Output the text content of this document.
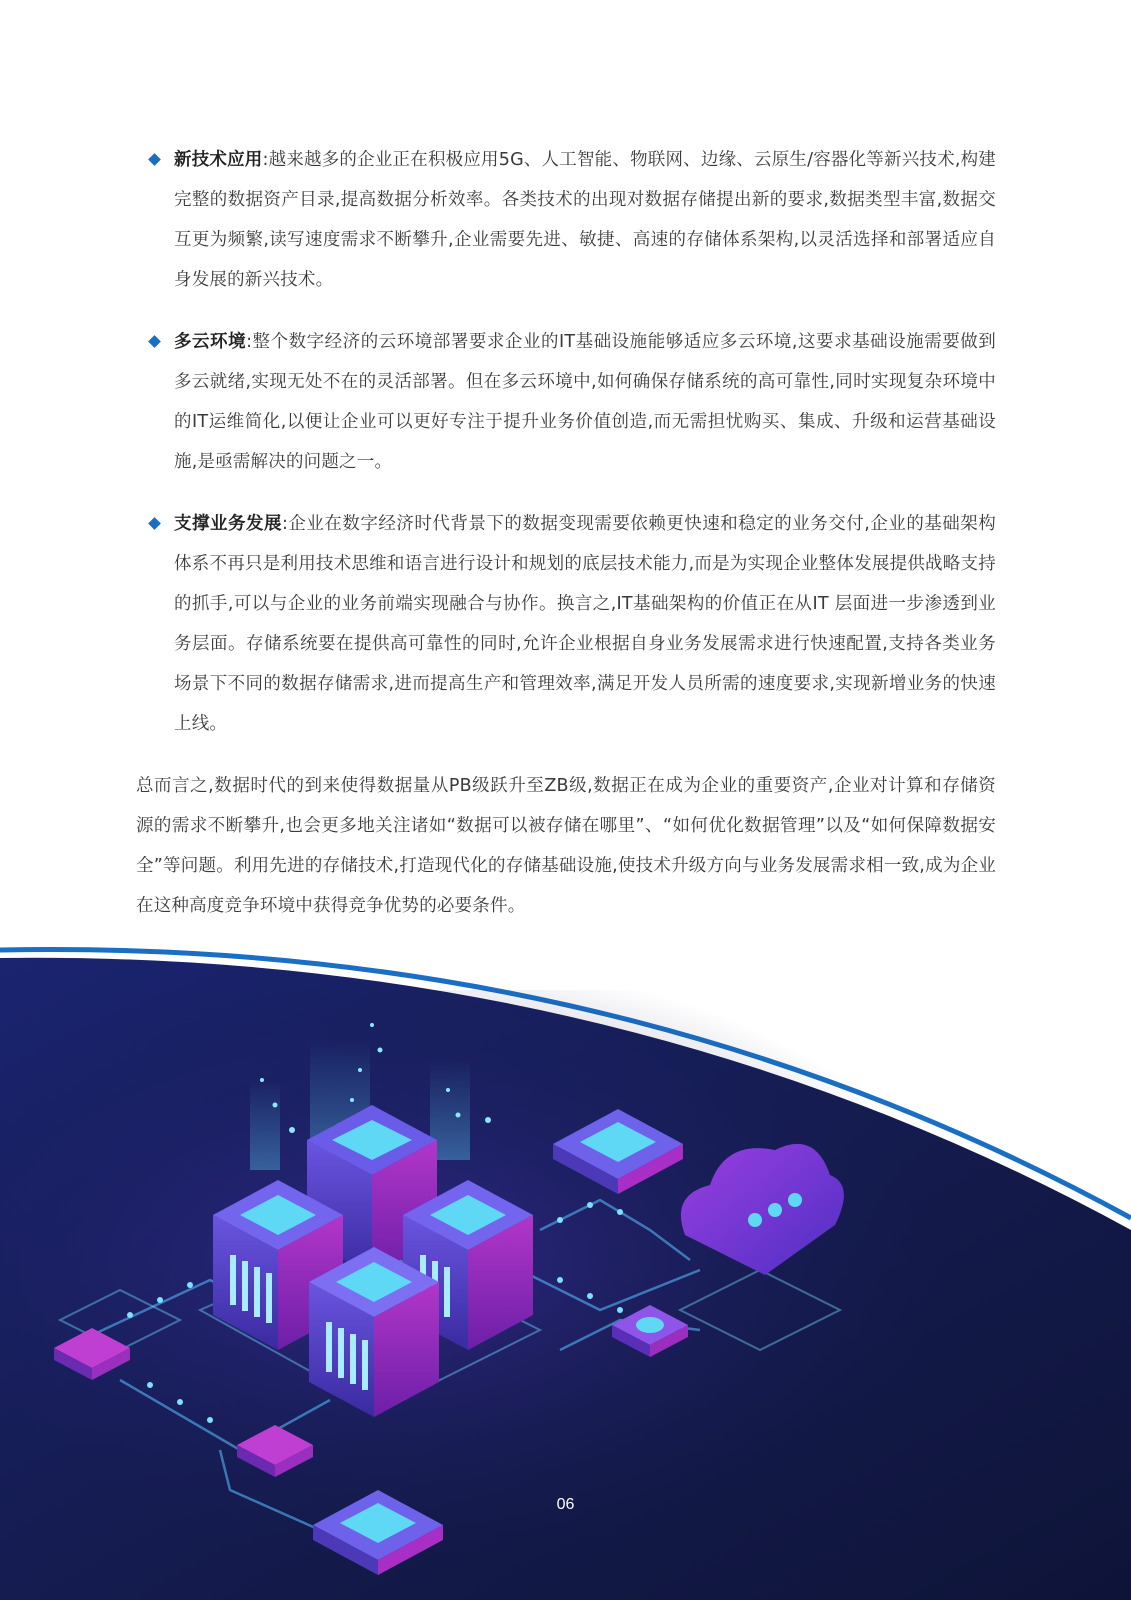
新技术应用:越来越多的企业正在积极应用5G、人工智能、物联网、边缘、云原生/容器化等新兴技术,构建完整的数据资产目录,提高数据分析效率。各类技术的出现对数据存储提出新的要求,数据类型丰富,数据交互更为频繁,读写速度需求不断攀升,企业需要先进、敏捷、高速的存储体系架构,以灵活选择和部署适应自身发展的新兴技术。

多云环境:整个数字经济的云环境部署要求企业的IT基础设施能够适应多云环境,这要求基础设施需要做到多云就绪,实现无处不在的灵活部署。但在多云环境中,如何确保存储系统的高可靠性,同时实现复杂环境中的IT运维简化,以便让企业可以更好专注于提升业务价值创造,而无需担忧购买、集成、升级和运营基础设施,是亟需解决的问题之一。

支撑业务发展:企业在数字经济时代背景下的数据变现需要依赖更快速和稳定的业务交付,企业的基础架构体系不再只是利用技术思维和语言进行设计和规划的底层技术能力,而是为实现企业整体发展提供战略支持的抓手,可以与企业的业务前端实现融合与协作。换言之,IT基础架构的价值正在从IT 层面进一步渗透到业务层面。存储系统要在提供高可靠性的同时,允许企业根据自身业务发展需求进行快速配置,支持各类业务场景下不同的数据存储需求,进而提高生产和管理效率,满足开发人员所需的速度要求,实现新增业务的快速上线。

总而言之,数据时代的到来使得数据量从PB级跃升至ZB级,数据正在成为企业的重要资产,企业对计算和存储资源的需求不断攀升,也会更多地关注诸如“数据可以被存储在哪里”、“如何优化数据管理”以及“如何保障数据安全”等问题。利用先进的存储技术,打造现代化的存储基础设施,使技术升级方向与业务发展需求相一致,成为企业在这种高度竞争环境中获得竞争优势的必要条件。

06
